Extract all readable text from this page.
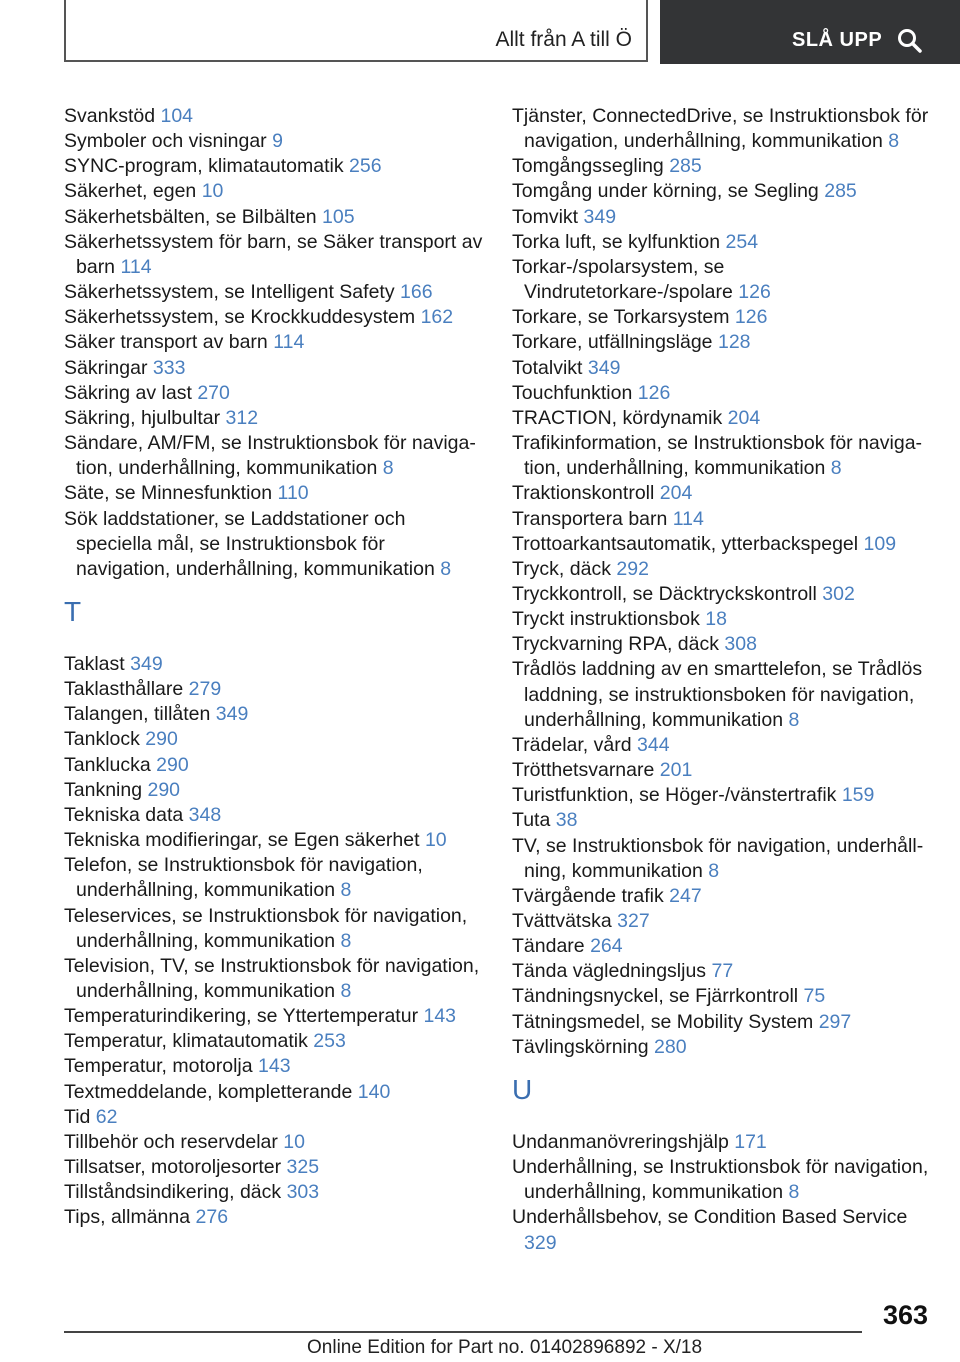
Allt från A till Ö	SLÅ UPP
Svankstöd 104
Symboler och visningar 9
SYNC-program, klimatautomatik 256
Säkerhet, egen 10
Säkerhetsbälten, se Bilbälten 105
Säkerhetssystem för barn, se Säker transport av barn 114
Säkerhetssystem, se Intelligent Safety 166
Säkerhetssystem, se Krockkuddesystem 162
Säker transport av barn 114
Säkringar 333
Säkring av last 270
Säkring, hjulbultar 312
Sändare, AM/FM, se Instruktionsbok för navigation, underhållning, kommunikation 8
Säte, se Minnesfunktion 110
Sök laddstationer, se Laddstationer och speciella mål, se Instruktionsbok för navigation, underhållning, kommunikation 8
T
Taklast 349
Taklasthållare 279
Talangen, tillåten 349
Tanklock 290
Tanklucka 290
Tankning 290
Tekniska data 348
Tekniska modifieringar, se Egen säkerhet 10
Telefon, se Instruktionsbok för navigation, underhållning, kommunikation 8
Teleservices, se Instruktionsbok för navigation, underhållning, kommunikation 8
Television, TV, se Instruktionsbok för navigation, underhållning, kommunikation 8
Temperaturindikering, se Yttertemperatur 143
Temperatur, klimatautomatik 253
Temperatur, motorolja 143
Textmeddelande, kompletterande 140
Tid 62
Tillbehör och reservdelar 10
Tillsatser, motoroljesorter 325
Tillståndsindikering, däck 303
Tips, allmänna 276
Tjänster, ConnectedDrive, se Instruktionsbok för navigation, underhållning, kommunikation 8
Tomgångssegling 285
Tomgång under körning, se Segling 285
Tomvikt 349
Torka luft, se kylfunktion 254
Torkar-/spolarsystem, se Vindrutetorkare-/spolare 126
Torkare, se Torkarsystem 126
Torkare, utfällningsläge 128
Totalvikt 349
Touchfunktion 126
TRACTION, kördynamik 204
Trafikinformation, se Instruktionsbok för navigation, underhållning, kommunikation 8
Traktionskontroll 204
Transportera barn 114
Trottoarkantsautomatik, ytterbackspegel 109
Tryck, däck 292
Tryckkontroll, se Däcktryckskontroll 302
Tryckt instruktionsbok 18
Tryckvarning RPA, däck 308
Trådlös laddning av en smarttelefon, se Trådlös laddning, se instruktionsboken för navigation, underhållning, kommunikation 8
Trädelar, vård 344
Trötthetsvarnare 201
Turistfunktion, se Höger-/vänstertrafik 159
Tuta 38
TV, se Instruktionsbok för navigation, underhållning, kommunikation 8
Tvärgående trafik 247
Tvättvätska 327
Tändare 264
Tända vägledningsljus 77
Tändningsnyckel, se Fjärrkontroll 75
Tätningsmedel, se Mobility System 297
Tävlingskörning 280
U
Undanmanövreringshjälp 171
Underhållning, se Instruktionsbok för navigation, underhållning, kommunikation 8
Underhållsbehov, se Condition Based Service 329
363
Online Edition for Part no. 01402896892 - X/18
